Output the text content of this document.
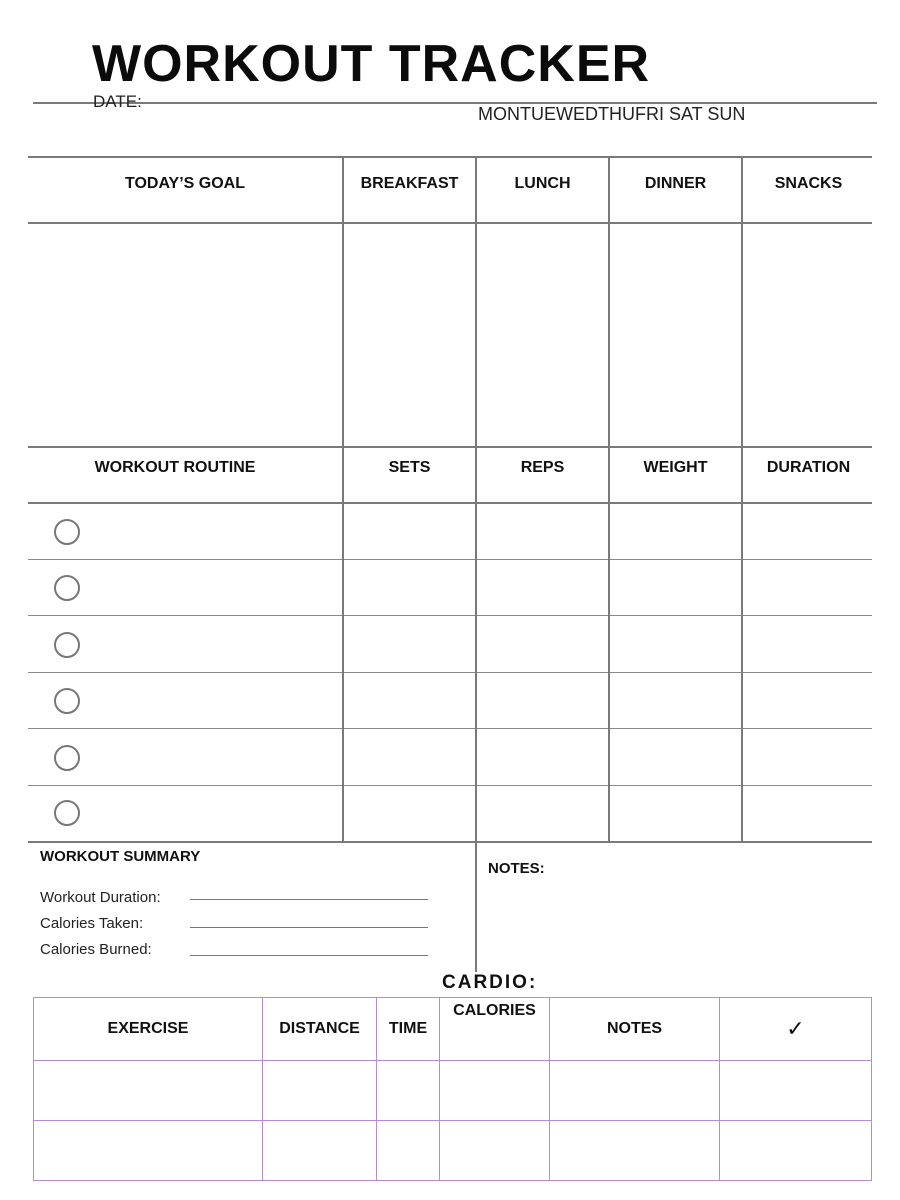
WORKOUT TRACKER
DATE:
MONTUEWEDTHUFRI SAT SUN
TODAY’S GOAL	BREAKFAST	LUNCH	DINNER	SNACKS
WORKOUT ROUTINE	SETS	REPS	WEIGHT	DURATION
WORKOUT SUMMARY
Workout Duration:
Calories Taken:
Calories Burned:
NOTES:
CARDIO:
EXERCISE	DISTANCE	TIME	CALORIES	NOTES	✓
